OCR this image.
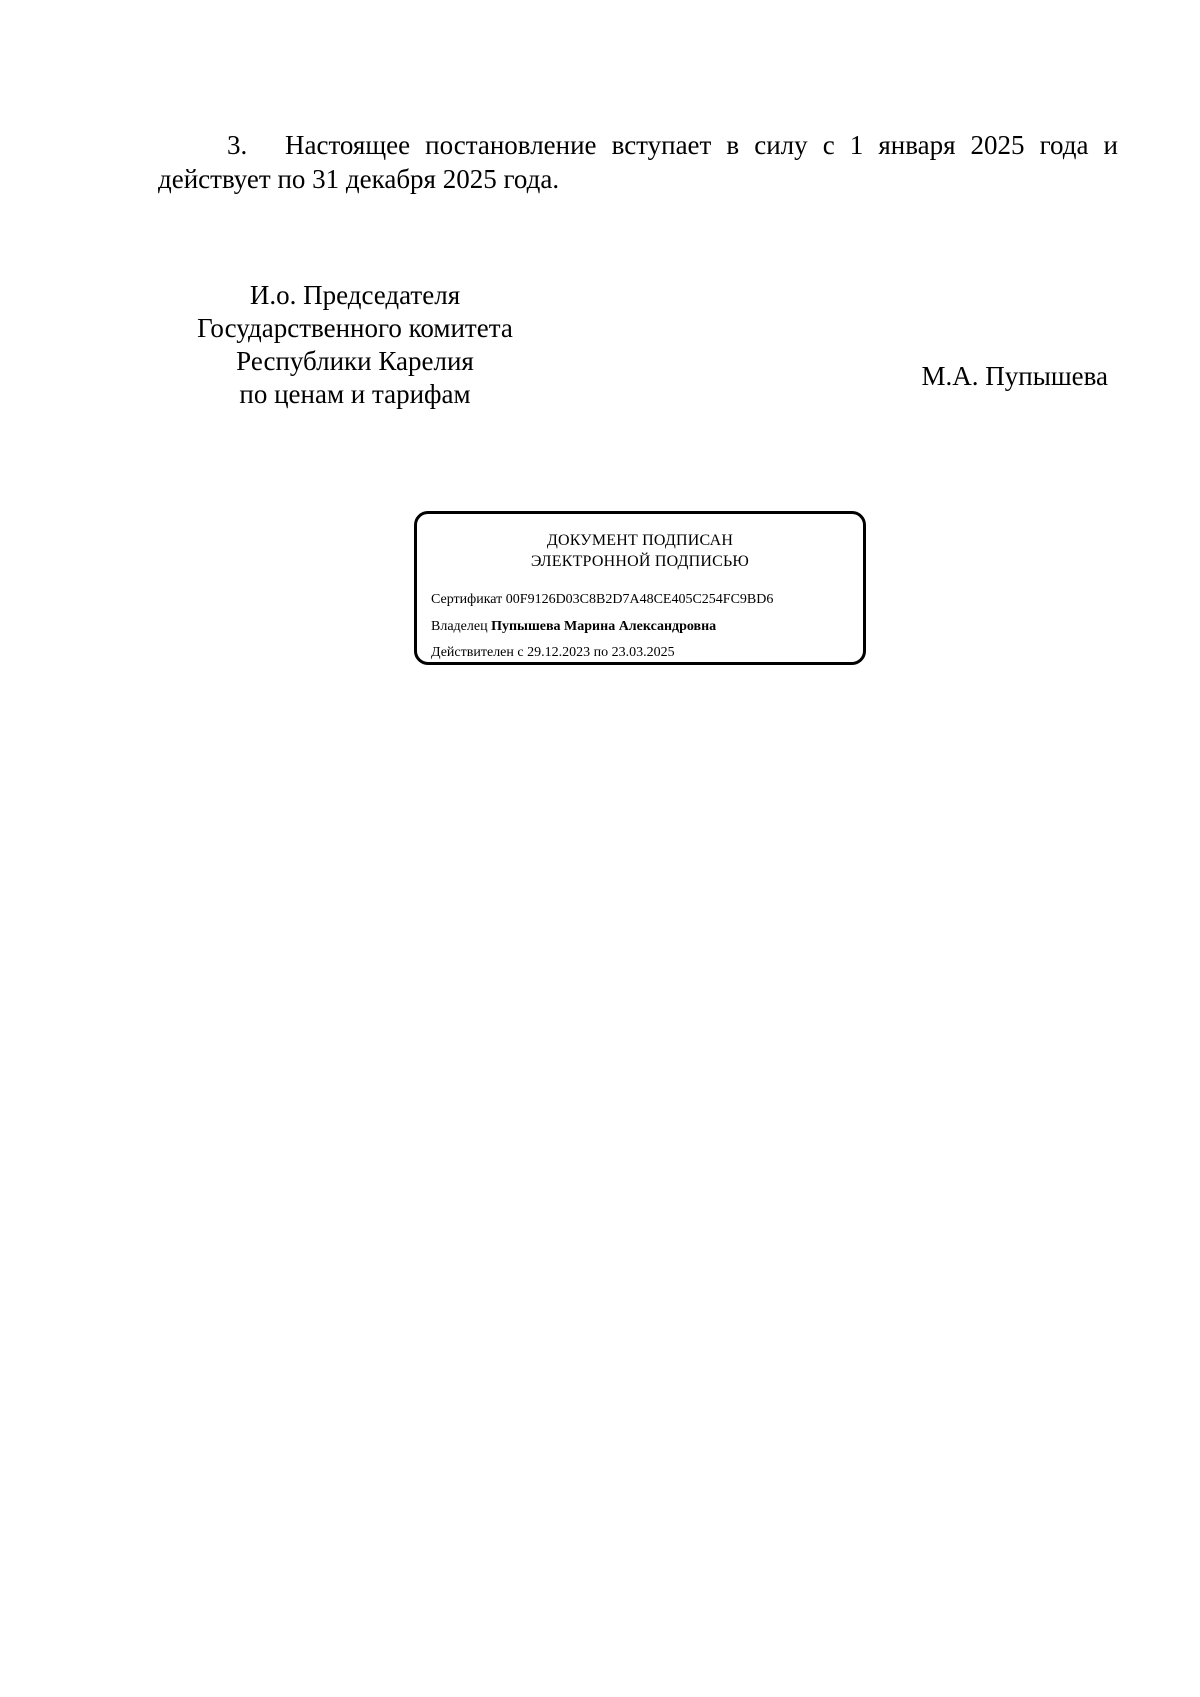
3. Настоящее постановление вступает в силу с 1 января 2025 года и действует по 31 декабря 2025 года.

И.о. Председателя
Государственного комитета
Республики Карелия
по ценам и тарифам
М.А. Пупышева
ДОКУМЕНТ ПОДПИСАН
ЭЛЕКТРОННОЙ ПОДПИСЬЮ
Сертификат 00F9126D03C8B2D7A48CE405C254FC9BD6
Владелец Пупышева Марина Александровна
Действителен с 29.12.2023 по 23.03.2025
